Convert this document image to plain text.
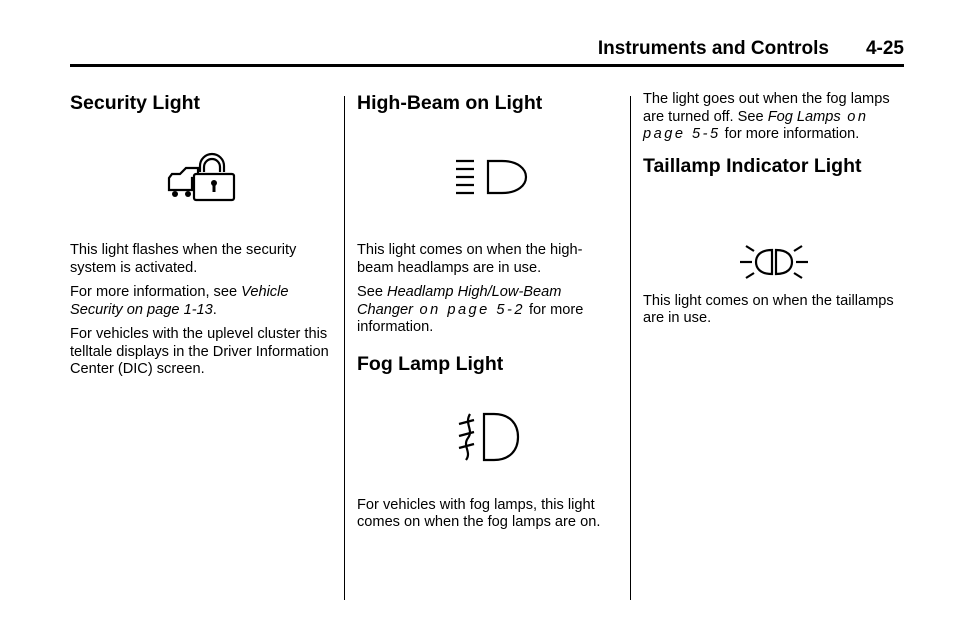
Instruments and Controls 4-25
Security Light

This light flashes when the security system is activated.

For more information, see Vehicle Security on page 1-13.

For vehicles with the uplevel cluster this telltale displays in the Driver Information Center (DIC) screen.

High-Beam on Light

This light comes on when the high-beam headlamps are in use.

See Headlamp High/Low-Beam Changer on page 5-2 for more information.

Fog Lamp Light

For vehicles with fog lamps, this light comes on when the fog lamps are on.

The light goes out when the fog lamps are turned off. See Fog Lamps on page 5-5 for more information.

Taillamp Indicator Light

This light comes on when the taillamps are in use.
